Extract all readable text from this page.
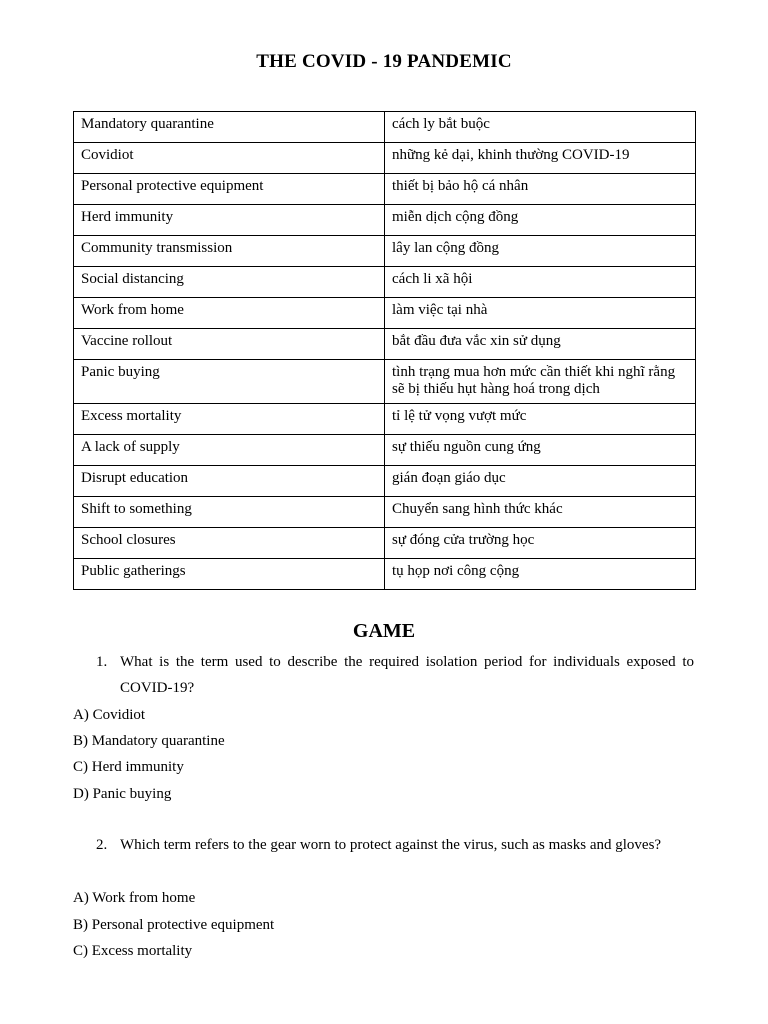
THE COVID - 19 PANDEMIC
Mandatory quarantine	cách ly bắt buộc
Covidiot	những kẻ dại, khinh thường COVID-19
Personal protective equipment	thiết bị bảo hộ cá nhân
Herd immunity	miễn dịch cộng đồng
Community transmission	lây lan cộng đồng
Social distancing	cách li xã hội
Work from home	làm việc tại nhà
Vaccine rollout	bắt đầu đưa vắc xin sử dụng
Panic buying	tình trạng mua hơn mức cần thiết khi nghĩ rằng sẽ bị thiếu hụt hàng hoá trong dịch
Excess mortality	tỉ lệ tử vọng vượt mức
A lack of supply	sự thiếu nguồn cung ứng
Disrupt education	gián đoạn giáo dục
Shift to something	Chuyển sang hình thức khác
School closures	sự đóng cửa trường học
Public gatherings	tụ họp nơi công cộng
GAME
1. What is the term used to describe the required isolation period for individuals exposed to COVID-19?
A) Covidiot
B) Mandatory quarantine
C) Herd immunity
D) Panic buying
2. Which term refers to the gear worn to protect against the virus, such as masks and gloves?
A) Work from home
B) Personal protective equipment
C) Excess mortality
